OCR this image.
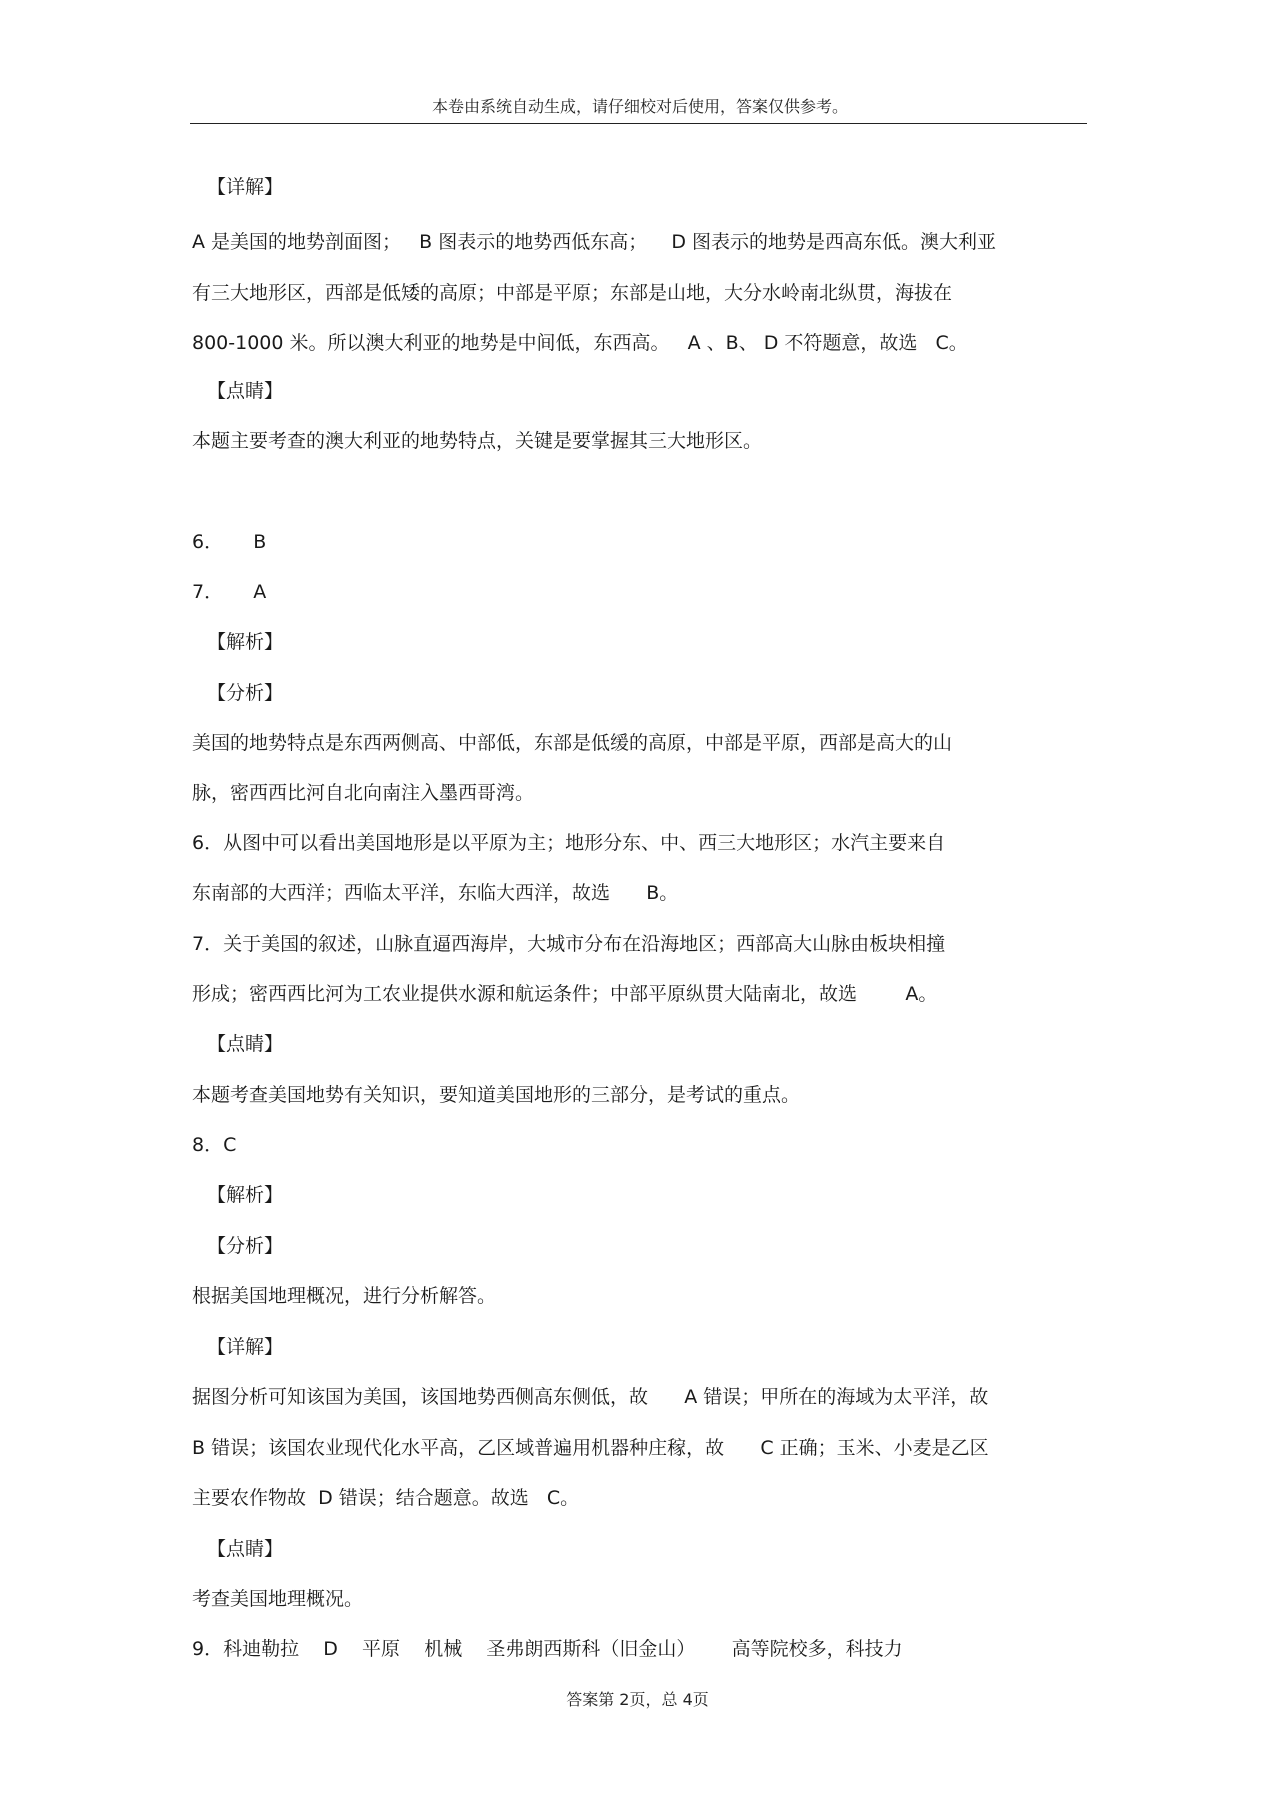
本卷由系统自动生成，请仔细校对后使用，答案仅供参考。
【详解】
A 是美国的地势剖面图；   B 图表示的地势西低东高；    D 图表示的地势是西高东低。澳大利亚
有三大地形区，西部是低矮的高原；中部是平原；东部是山地，大分水岭南北纵贯，海拔在
800-1000 米。所以澳大利亚的地势是中间低，东西高。   A 、B、 D 不符题意，故选   C。
【点睛】
本题主要考查的澳大利亚的地势特点，关键是要掌握其三大地形区。
6．     B
7．     A
【解析】
【分析】
美国的地势特点是东西两侧高、中部低，东部是低缓的高原，中部是平原，西部是高大的山
脉，密西西比河自北向南注入墨西哥湾。
6．从图中可以看出美国地形是以平原为主；地形分东、中、西三大地形区；水汽主要来自
东南部的大西洋；西临太平洋，东临大西洋，故选      B。
7．关于美国的叙述，山脉直逼西海岸，大城市分布在沿海地区；西部高大山脉由板块相撞
形成；密西西比河为工农业提供水源和航运条件；中部平原纵贯大陆南北，故选        A。
【点睛】
本题考查美国地势有关知识，要知道美国地形的三部分，是考试的重点。
8．C
【解析】
【分析】
根据美国地理概况，进行分析解答。
【详解】
据图分析可知该国为美国，该国地势西侧高东侧低，故      A 错误；甲所在的海域为太平洋，故
B 错误；该国农业现代化水平高，乙区域普遍用机器种庄稼，故      C 正确；玉米、小麦是乙区
主要农作物故  D 错误；结合题意。故选   C。
【点睛】
考查美国地理概况。
9．科迪勒拉    D    平原    机械    圣弗朗西斯科（旧金山）      高等院校多，科技力
答案第 2页，总 4页
